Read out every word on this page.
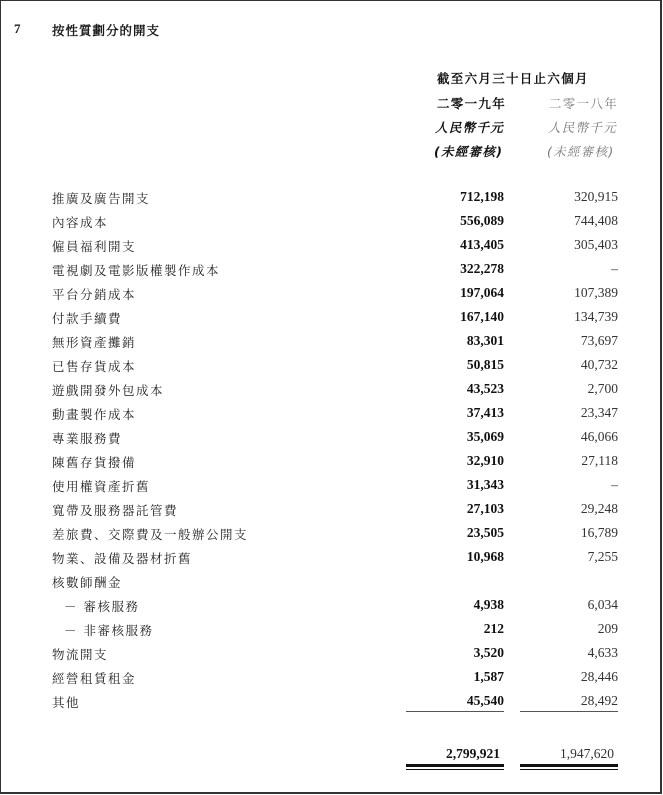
7	按性質劃分的開支
截至六月三十日止六個月
二零一九年	二零一八年
人民幣千元	人民幣千元
(未經審核)	(未經審核)
推廣及廣告開支	712,198	320,915
內容成本	556,089	744,408
僱員福利開支	413,405	305,403
電視劇及電影版權製作成本	322,278	–
平台分銷成本	197,064	107,389
付款手續費	167,140	134,739
無形資產攤銷	83,301	73,697
已售存貨成本	50,815	40,732
遊戲開發外包成本	43,523	2,700
動畫製作成本	37,413	23,347
專業服務費	35,069	46,066
陳舊存貨撥備	32,910	27,118
使用權資產折舊	31,343	–
寬帶及服務器託管費	27,103	29,248
差旅費、交際費及一般辦公開支	23,505	16,789
物業、設備及器材折舊	10,968	7,255
核數師酬金
－ 審核服務	4,938	6,034
－ 非審核服務	212	209
物流開支	3,520	4,633
經營租賃租金	1,587	28,446
其他	45,540	28,492
2,799,921	1,947,620
